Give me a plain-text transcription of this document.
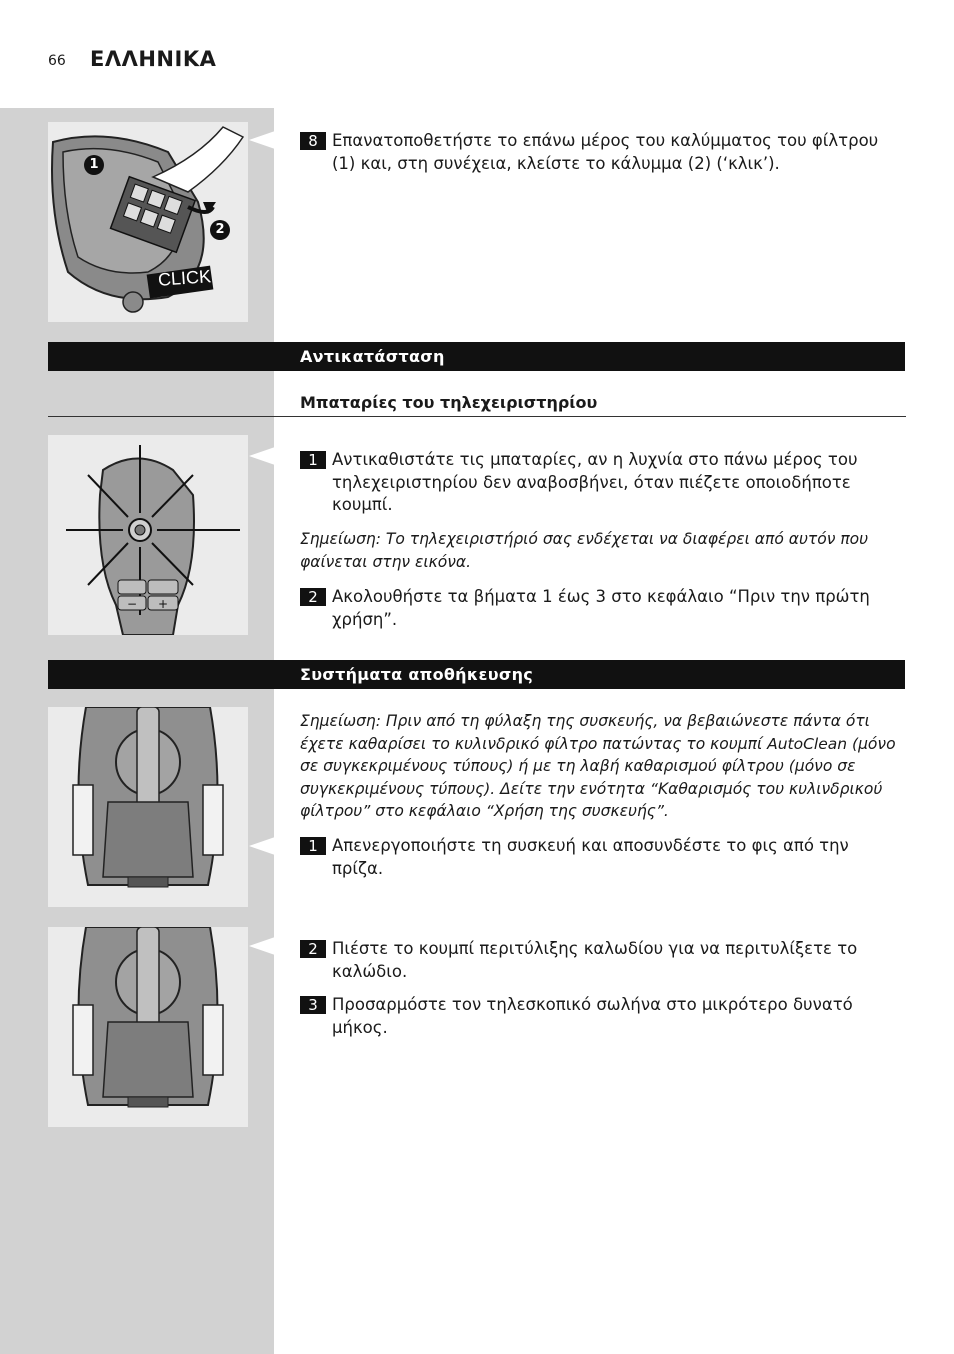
66 ΕΛΛΗΝΙΚΑ
1
2
CLICK
8 Επανατοποθετήστε το επάνω μέρος του καλύμματος του φίλτρου (1) και, στη συνέχεια, κλείστε το κάλυμμα (2) (‘κλικ’).
Αντικατάσταση
Μπαταρίες του τηλεχειριστηρίου
− +
1 Αντικαθιστάτε τις μπαταρίες, αν η λυχνία στο πάνω μέρος του τηλεχειριστηρίου δεν αναβοσβήνει, όταν πιέζετε οποιοδήποτε κουμπί.
Σημείωση: Το τηλεχειριστήριό σας ενδέχεται να διαφέρει από αυτόν που φαίνεται στην εικόνα.
2 Ακολουθήστε τα βήματα 1 έως 3 στο κεφάλαιο “Πριν την πρώτη χρήση”.
Συστήματα αποθήκευσης
Σημείωση: Πριν από τη φύλαξη της συσκευής, να βεβαιώνεστε πάντα ότι έχετε καθαρίσει το κυλινδρικό φίλτρο πατώντας το κουμπί AutoClean (μόνο σε συγκεκριμένους τύπους) ή με τη λαβή καθαρισμού φίλτρου (μόνο σε συγκεκριμένους τύπους). Δείτε την ενότητα “Καθαρισμός του κυλινδρικού φίλτρου” στο κεφάλαιο “Χρήση της συσκευής”.
1 Απενεργοποιήστε τη συσκευή και αποσυνδέστε το φις από την πρίζα.
2 Πιέστε το κουμπί περιτύλιξης καλωδίου για να περιτυλίξετε το καλώδιο.
3 Προσαρμόστε τον τηλεσκοπικό σωλήνα στο μικρότερο δυνατό μήκος.
